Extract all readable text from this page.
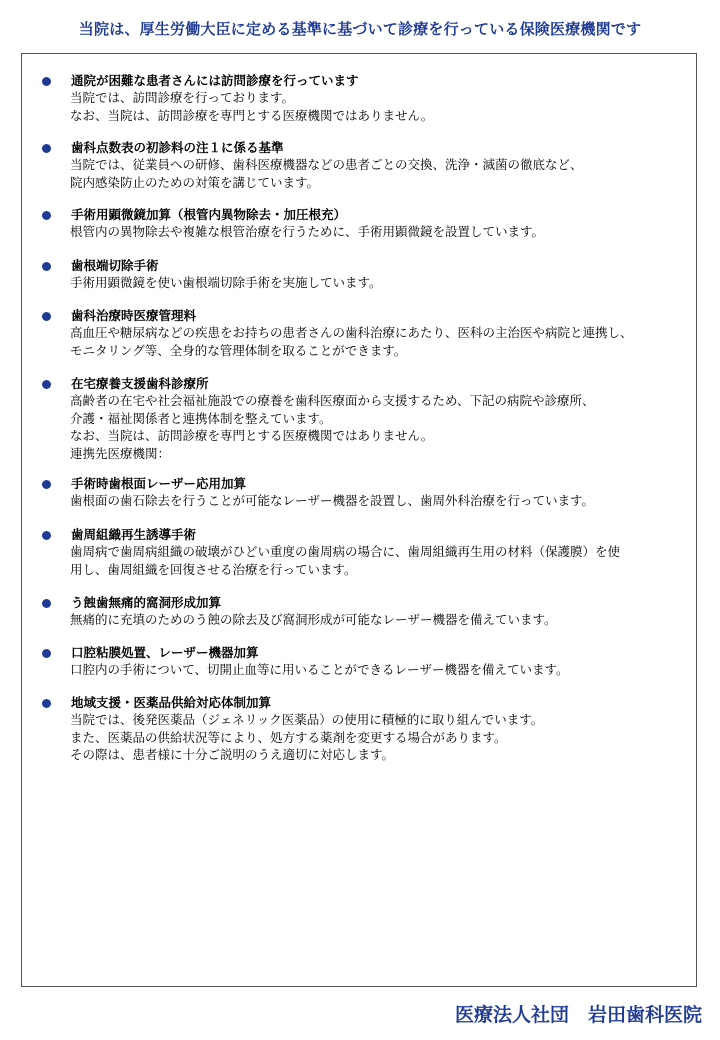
当院は、厚生労働大臣に定める基準に基づいて診療を行っている保険医療機関です
通院が困難な患者さんには訪問診療を行っています
当院では、訪問診療を行っております。
なお、当院は、訪問診療を専門とする医療機関ではありません。
歯科点数表の初診料の注１に係る基準
当院では、従業員への研修、歯科医療機器などの患者ごとの交換、洗浄・滅菌の徹底など、
院内感染防止のための対策を講じています。
手術用顕微鏡加算（根管内異物除去・加圧根充）
根管内の異物除去や複雑な根管治療を行うために、手術用顕微鏡を設置しています。
歯根端切除手術
手術用顕微鏡を使い歯根端切除手術を実施しています。
歯科治療時医療管理料
高血圧や糖尿病などの疾患をお持ちの患者さんの歯科治療にあたり、医科の主治医や病院と連携し、
モニタリング等、全身的な管理体制を取ることができます。
在宅療養支援歯科診療所
高齢者の在宅や社会福祉施設での療養を歯科医療面から支援するため、下記の病院や診療所、
介護・福祉関係者と連携体制を整えています。
なお、当院は、訪問診療を専門とする医療機関ではありません。
連携先医療機関：
手術時歯根面レーザー応用加算
歯根面の歯石除去を行うことが可能なレーザー機器を設置し、歯周外科治療を行っています。
歯周組織再生誘導手術
歯周病で歯周病組織の破壊がひどい重度の歯周病の場合に、歯周組織再生用の材料（保護膜）を使
用し、歯周組織を回復させる治療を行っています。
う蝕歯無痛的窩洞形成加算
無痛的に充填のためのう蝕の除去及び窩洞形成が可能なレーザー機器を備えています。
口腔粘膜処置、レーザー機器加算
口腔内の手術について、切開止血等に用いることができるレーザー機器を備えています。
地域支援・医薬品供給対応体制加算
当院では、後発医薬品（ジェネリック医薬品）の使用に積極的に取り組んでいます。
また、医薬品の供給状況等により、処方する薬剤を変更する場合があります。
その際は、患者様に十分ご説明のうえ適切に対応します。
医療法人社団　岩田歯科医院
